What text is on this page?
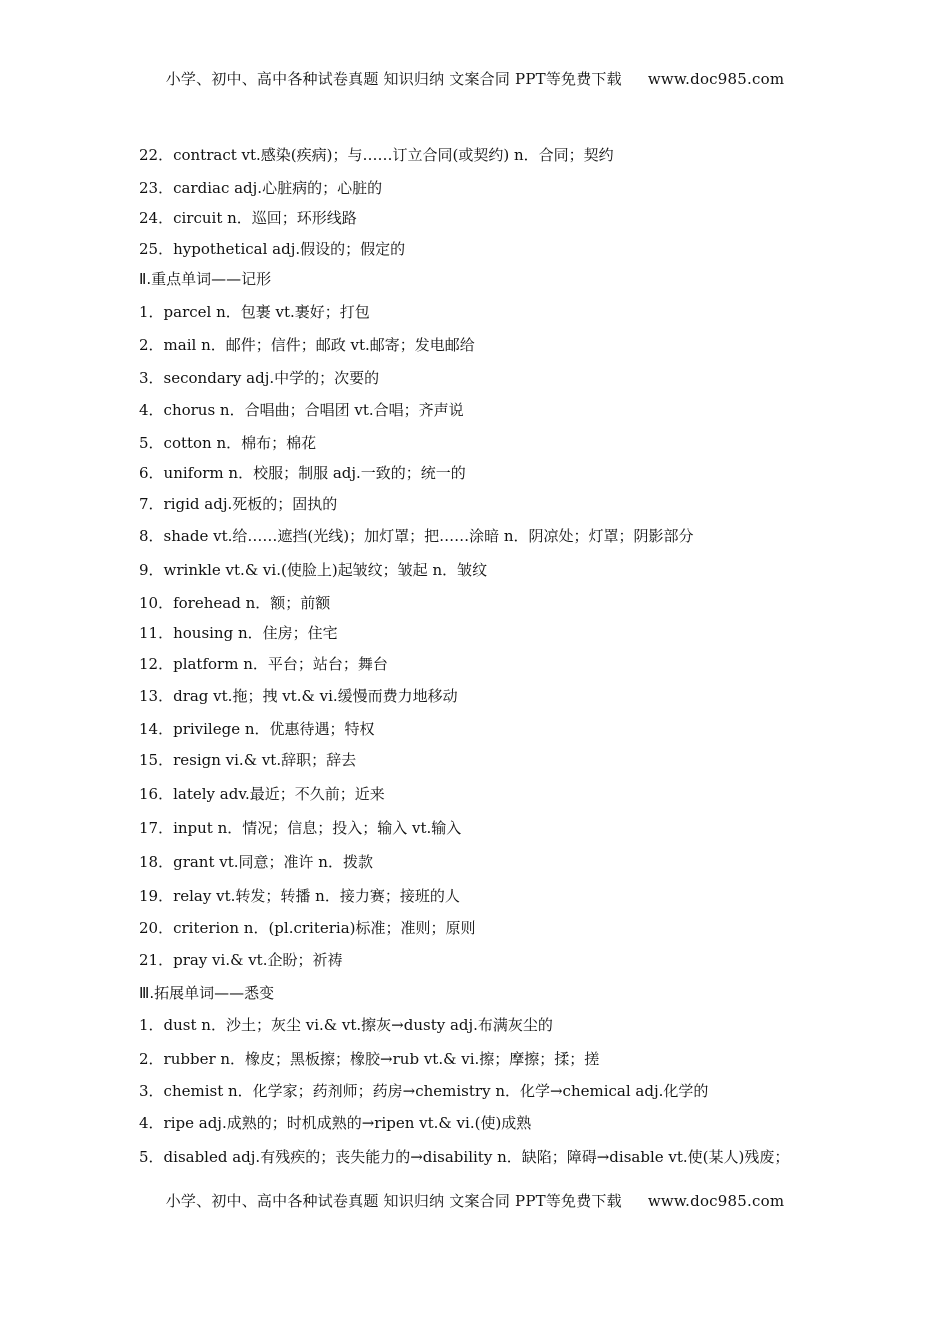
小学、初中、高中各种试卷真题 知识归纳 文案合同 PPT等免费下载 www.doc985.com
22．contract vt.感染(疾病)；与……订立合同(或契约) n．合同；契约
23．cardiac adj.心脏病的；心脏的
24．circuit n．巡回；环形线路
25．hypothetical adj.假设的；假定的
Ⅱ.重点单词——记形
1．parcel n．包裹 vt.裹好；打包
2．mail n．邮件；信件；邮政 vt.邮寄；发电邮给
3．secondary adj.中学的；次要的
4．chorus n．合唱曲；合唱团 vt.合唱；齐声说
5．cotton n．棉布；棉花
6．uniform n．校服；制服 adj.一致的；统一的
7．rigid adj.死板的；固执的
8．shade vt.给……遮挡(光线)；加灯罩；把……涂暗 n．阴凉处；灯罩；阴影部分
9．wrinkle vt.& vi.(使脸上)起皱纹；皱起 n．皱纹
10．forehead n．额；前额
11．housing n．住房；住宅
12．platform n．平台；站台；舞台
13．drag vt.拖；拽 vt.& vi.缓慢而费力地移动
14．privilege n．优惠待遇；特权
15．resign vi.& vt.辞职；辞去
16．lately adv.最近；不久前；近来
17．input n．情况；信息；投入；输入 vt.输入
18．grant vt.同意；准许 n．拨款
19．relay vt.转发；转播 n．接力赛；接班的人
20．criterion n．(pl.criteria)标准；准则；原则
21．pray vi.& vt.企盼；祈祷
Ⅲ.拓展单词——悉变
1．dust n．沙土；灰尘 vi.& vt.擦灰→dusty adj.布满灰尘的
2．rubber n．橡皮；黑板擦；橡胶→rub vt.& vi.擦；摩擦；揉；搓
3．chemist n．化学家；药剂师；药房→chemistry n．化学→chemical adj.化学的
4．ripe adj.成熟的；时机成熟的→ripen vt.& vi.(使)成熟
5．disabled adj.有残疾的；丧失能力的→disability n．缺陷；障碍→disable vt.使(某人)残废；
小学、初中、高中各种试卷真题 知识归纳 文案合同 PPT等免费下载 www.doc985.com
